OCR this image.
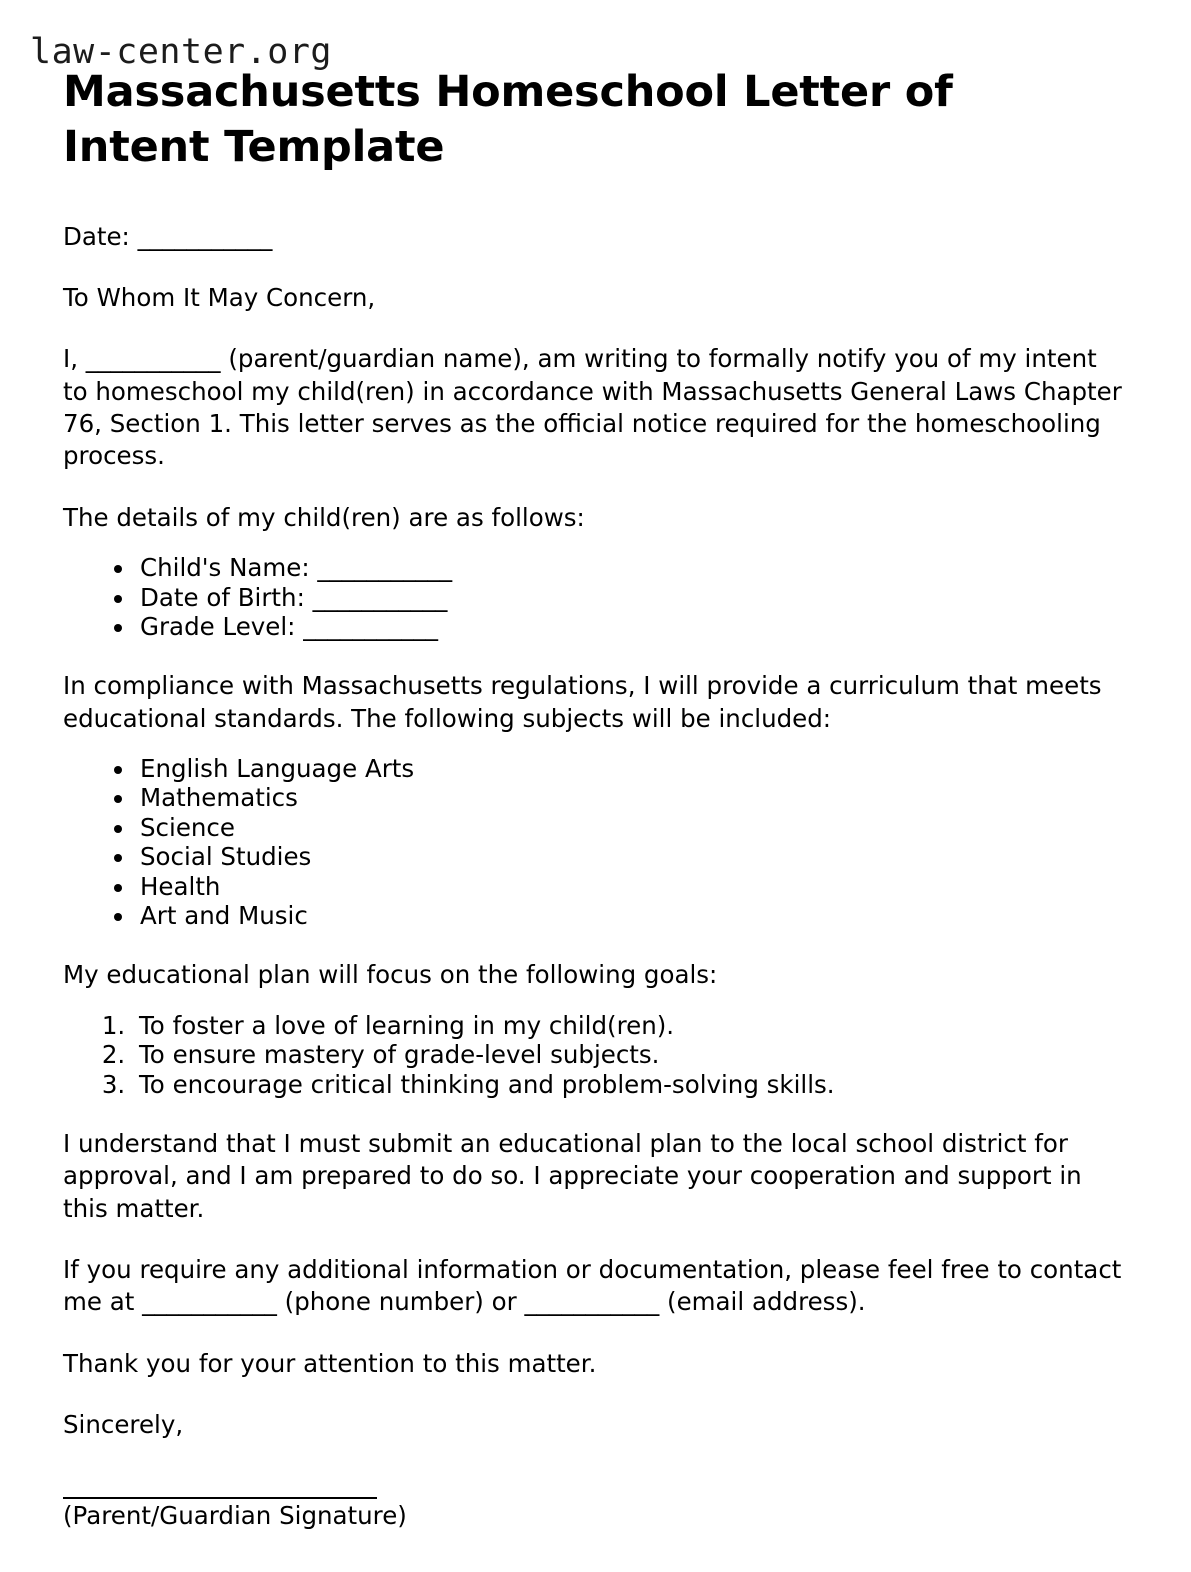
law-center.org
Massachusetts Homeschool Letter of Intent Template

Date: ___________

To Whom It May Concern,

I, ___________ (parent/guardian name), am writing to formally notify you of my intent to homeschool my child(ren) in accordance with Massachusetts General Laws Chapter 76, Section 1. This letter serves as the official notice required for the homeschooling process.

The details of my child(ren) are as follows:

• Child's Name: ___________
• Date of Birth: ___________
• Grade Level: ___________

In compliance with Massachusetts regulations, I will provide a curriculum that meets educational standards. The following subjects will be included:

• English Language Arts
• Mathematics
• Science
• Social Studies
• Health
• Art and Music

My educational plan will focus on the following goals:

1. To foster a love of learning in my child(ren).
2. To ensure mastery of grade-level subjects.
3. To encourage critical thinking and problem-solving skills.

I understand that I must submit an educational plan to the local school district for approval, and I am prepared to do so. I appreciate your cooperation and support in this matter.

If you require any additional information or documentation, please feel free to contact me at ___________ (phone number) or ___________ (email address).

Thank you for your attention to this matter.

Sincerely,

(Parent/Guardian Signature)
